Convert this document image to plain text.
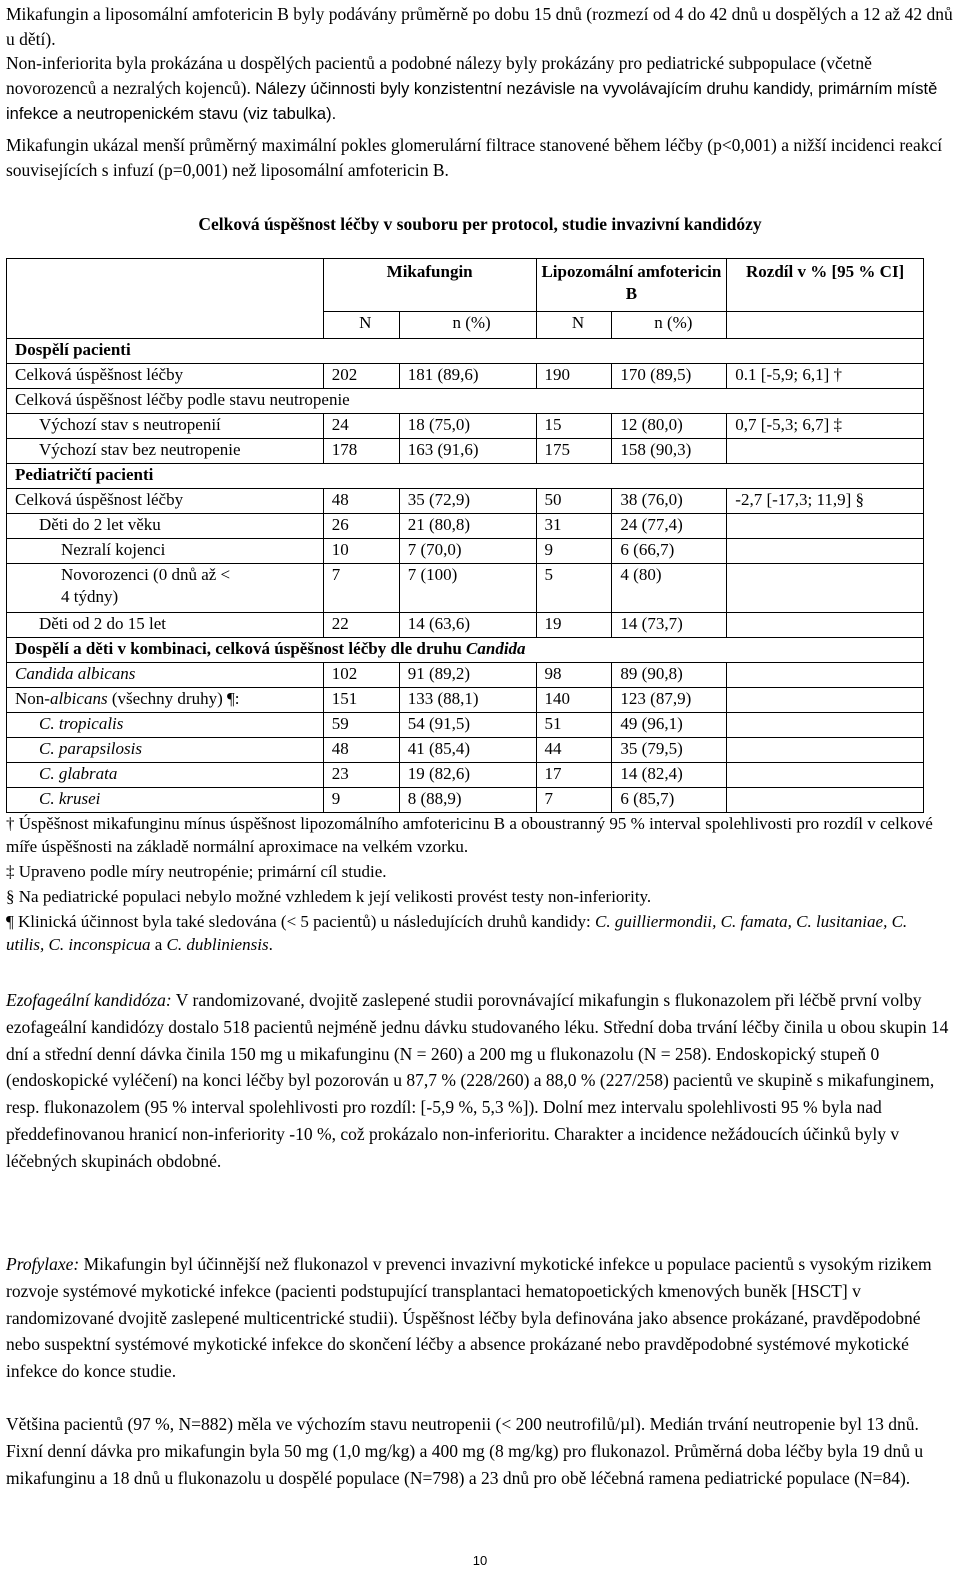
Mikafungin a liposomální amfotericin B byly podávány průměrně po dobu 15 dnů (rozmezí od 4 do 42 dnů u dospělých a 12 až 42 dnů u dětí).

Non-inferiorita byla prokázána u dospělých pacientů a podobné nálezy byly prokázány pro pediatrické subpopulace (včetně novorozenců a nezralých kojenců). Nálezy účinnosti byly konzistentní nezávisle na vyvolávajícím druhu kandidy, primárním místě infekce a neutropenickém stavu (viz tabulka).

Mikafungin ukázal menší průměrný maximální pokles glomerulární filtrace stanovené během léčby (p<0,001) a nižší incidenci reakcí souvisejících s infuzí (p=0,001) než liposomální amfotericin B.

Celková úspěšnost léčby v souboru per protocol, studie invazivní kandidózy
	Mikafungin		Lipozomální amfotericin B		Rozdíl v % [95 % CI]
	N	n (%)	N	n (%)	
Dospělí pacienti					
Celková úspěšnost léčby	202	181 (89,6)	190	170 (89,5)	0.1 [-5,9; 6,1] †
Celková úspěšnost léčby podle stavu neutropenie					
Výchozí stav s neutropenií	24	18 (75,0)	15	12 (80,0)	0,7 [-5,3; 6,7] ‡
Výchozí stav bez neutropenie	178	163 (91,6)	175	158 (90,3)	
Pediatričtí pacienti					
Celková úspěšnost léčby	48	35 (72,9)	50	38 (76,0)	-2,7 [-17,3; 11,9] §
Děti do 2 let věku	26	21 (80,8)	31	24 (77,4)	
Nezralí kojenci	10	7 (70,0)	9	6 (66,7)	
Novorozenci (0 dnů až < 4 týdny)	7	7 (100)	5	4 (80)	
Děti od 2 do 15 let	22	14 (63,6)	19	14 (73,7)	
Dospělí a děti v kombinaci, celková úspěšnost léčby dle druhu Candida					
Candida albicans	102	91 (89,2)	98	89 (90,8)	
Non-albicans (všechny druhy) ¶:	151	133 (88,1)	140	123 (87,9)	
C. tropicalis	59	54 (91,5)	51	49 (96,1)	
C. parapsilosis	48	41 (85,4)	44	35 (79,5)	
C. glabrata	23	19 (82,6)	17	14 (82,4)	
C. krusei	9	8 (88,9)	7	6 (85,7)	
† Úspěšnost mikafunginu mínus úspěšnost lipozomálního amfotericinu B a oboustranný 95 % interval spolehlivosti pro rozdíl v celkové míře úspěšnosti na základě normální aproximace na velkém vzorku.
‡ Upraveno podle míry neutropénie; primární cíl studie.
§ Na pediatrické populaci nebylo možné vzhledem k její velikosti provést testy non-inferiority.
¶ Klinická účinnost byla také sledována (< 5 pacientů) u následujících druhů kandidy: C. guilliermondii, C. famata, C. lusitaniae, C. utilis, C. inconspicua a C. dubliniensis.

Ezofageální kandidóza: V randomizované, dvojitě zaslepené studii porovnávající mikafungin s flukonazolem při léčbě první volby ezofageální kandidózy dostalo 518 pacientů nejméně jednu dávku studovaného léku. Střední doba trvání léčby činila u obou skupin 14 dní a střední denní dávka činila 150 mg u mikafunginu (N = 260) a 200 mg u flukonazolu (N = 258). Endoskopický stupeň 0 (endoskopické vyléčení) na konci léčby byl pozorován u 87,7 % (228/260) a 88,0 % (227/258) pacientů ve skupině s mikafunginem, resp. flukonazolem (95 % interval spolehlivosti pro rozdíl: [-5,9 %, 5,3 %]). Dolní mez intervalu spolehlivosti 95 % byla nad předdefinovanou hranicí non-inferiority -10 %, což prokázalo non-inferioritu. Charakter a incidence nežádoucích účinků byly v léčebných skupinách obdobné.

Profylaxe: Mikafungin byl účinnější než flukonazol v prevenci invazivní mykotické infekce u populace pacientů s vysokým rizikem rozvoje systémové mykotické infekce (pacienti podstupující transplantaci hematopoetických kmenových buněk [HSCT] v randomizované dvojitě zaslepené multicentrické studii). Úspěšnost léčby byla definována jako absence prokázané, pravděpodobné nebo suspektní systémové mykotické infekce do skončení léčby a absence prokázané nebo pravděpodobné systémové mykotické infekce do konce studie.

Většina pacientů (97 %, N=882) měla ve výchozím stavu neutropenii (< 200 neutrofilů/µl). Medián trvání neutropenie byl 13 dnů. Fixní denní dávka pro mikafungin byla 50 mg (1,0 mg/kg) a 400 mg (8 mg/kg) pro flukonazol. Průměrná doba léčby byla 19 dnů u mikafunginu a 18 dnů u flukonazolu u dospělé populace (N=798) a 23 dnů pro obě léčebná ramena pediatrické populace (N=84).

10
